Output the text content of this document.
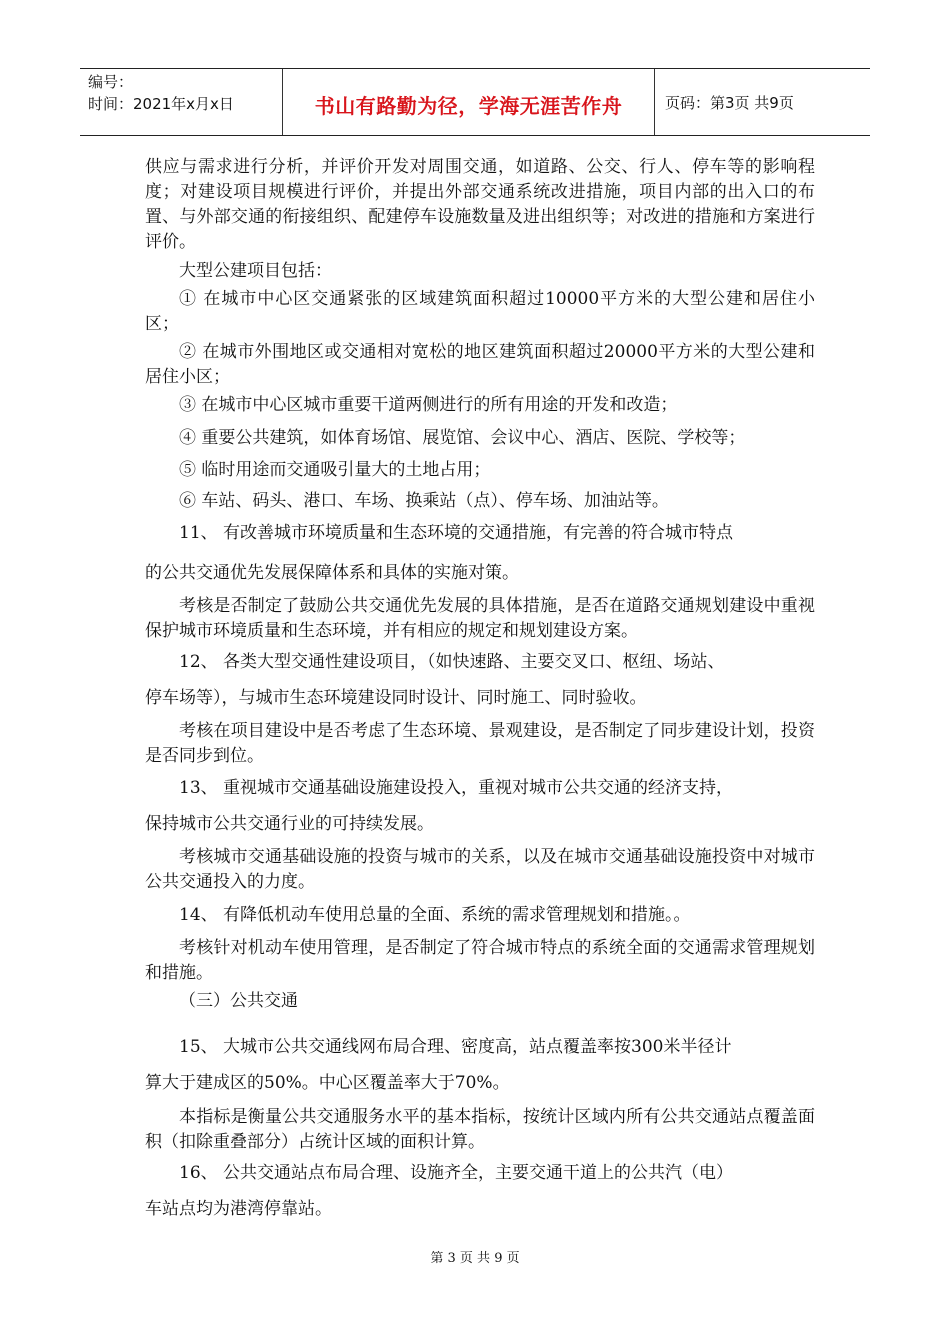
编号：
时间：2021年x月x日	书山有路勤为径，学海无涯苦作舟	页码：第3页 共9页

供应与需求进行分析，并评价开发对周围交通，如道路、公交、行人、停车等的影响程度；对建设项目规模进行评价，并提出外部交通系统改进措施，项目内部的出入口的布置、与外部交通的衔接组织、配建停车设施数量及进出组织等；对改进的措施和方案进行评价。

大型公建项目包括：

① 在城市中心区交通紧张的区域建筑面积超过10000平方米的大型公建和居住小区；

② 在城市外围地区或交通相对宽松的地区建筑面积超过20000平方米的大型公建和居住小区；

③ 在城市中心区城市重要干道两侧进行的所有用途的开发和改造；

④ 重要公共建筑，如体育场馆、展览馆、会议中心、酒店、医院、学校等；

⑤ 临时用途而交通吸引量大的土地占用；

⑥ 车站、码头、港口、车场、换乘站（点）、停车场、加油站等。

11、 有改善城市环境质量和生态环境的交通措施，有完善的符合城市特点

的公共交通优先发展保障体系和具体的实施对策。

考核是否制定了鼓励公共交通优先发展的具体措施，是否在道路交通规划建设中重视保护城市环境质量和生态环境，并有相应的规定和规划建设方案。

12、 各类大型交通性建设项目，（如快速路、主要交叉口、枢纽、场站、

停车场等），与城市生态环境建设同时设计、同时施工、同时验收。

考核在项目建设中是否考虑了生态环境、景观建设，是否制定了同步建设计划，投资是否同步到位。

13、 重视城市交通基础设施建设投入，重视对城市公共交通的经济支持，

保持城市公共交通行业的可持续发展。

考核城市交通基础设施的投资与城市的关系，以及在城市交通基础设施投资中对城市公共交通投入的力度。

14、 有降低机动车使用总量的全面、系统的需求管理规划和措施。。

考核针对机动车使用管理，是否制定了符合城市特点的系统全面的交通需求管理规划和措施。

（三）公共交通

15、 大城市公共交通线网布局合理、密度高，站点覆盖率按300米半径计

算大于建成区的50%。中心区覆盖率大于70%。

本指标是衡量公共交通服务水平的基本指标，按统计区域内所有公共交通站点覆盖面积（扣除重叠部分）占统计区域的面积计算。

16、 公共交通站点布局合理、设施齐全，主要交通干道上的公共汽（电）

车站点均为港湾停靠站。

第 3 页 共 9 页
